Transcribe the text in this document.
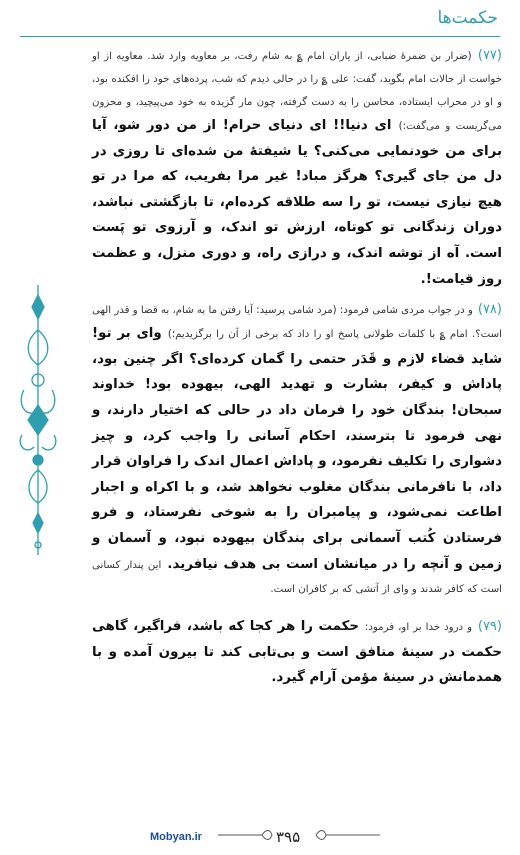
حکمت‌ها

(۷۷) (ضرار بن ضمرهٔ ضبابی، از یاران امام ؏ به شام رفت، بر معاویه وارد شد. معاویه از او خواست از حالات امام بگوید، گفت: علی ؏ را در حالی دیدم که شب، پرده‌های خود را افکنده بود، و او در محراب ایستاده، محاسن را به دست گرفته، چون مار گزیده به خود می‌پیچید، و محزون می‌گریست و می‌گفت:) ای دنیا!! ای دنیای حرام! از من دور شو، آیا برای من خودنمایی می‌کنی؟ یا شیفتهٔ من شده‌ای تا روزی در دل من جای گیری؟ هرگز مباد! غیر مرا بفریب، که مرا در تو هیچ نیازی نیست، تو را سه طلاقه کرده‌ام، تا بازگشتی نباشد، دوران زندگانی تو کوتاه، ارزش تو اندک، و آرزوی تو پَست است. آه از توشه اندک، و درازی راه، و دوری منزل، و عظمت روز قیامت!.

(۷۸) و در جواب مردی شامی فرمود: (مرد شامی پرسید: آیا رفتن ما به شام، به قضا و قدر الهی است؟. امام ؏ با کلمات طولانی پاسخ او را داد که برخی از آن را برگزیدیم؛) وای بر تو! شاید قضاء لازم و قَدَر حتمی را گمان کرده‌ای؟ اگر چنین بود، پاداش و کیفر، بشارت و تهدید الهی، بیهوده بود! خداوند سبحان! بندگان خود را فرمان داد در حالی که اختیار دارند، و نهی فرمود تا بترسند، احکام آسانی را واجب کرد، و چیز دشواری را تکلیف نفرمود، و پاداش اعمال اندک را فراوان قرار داد، با نافرمانی بندگان مغلوب نخواهد شد، و با اکراه و اجبار اطاعت نمی‌شود، و پیامبران را به شوخی نفرستاد، و فرو فرستادن کُتب آسمانی برای بندگان بیهوده نبود، و آسمان و زمین و آنچه را در میانشان است بی هدف نیافرید. این پندار کسانی است که کافر شدند و وای از آتشی که بر کافران است.

(۷۹) و درود خدا بر او، فرمود: حکمت را هر کجا که باشد، فراگیر، گاهی حکمت در سینهٔ منافق است و بی‌تابی کند تا بیرون آمده و با همدمانش در سینهٔ مؤمن آرام گیرد.

Mobyan.ir	۳۹۵
